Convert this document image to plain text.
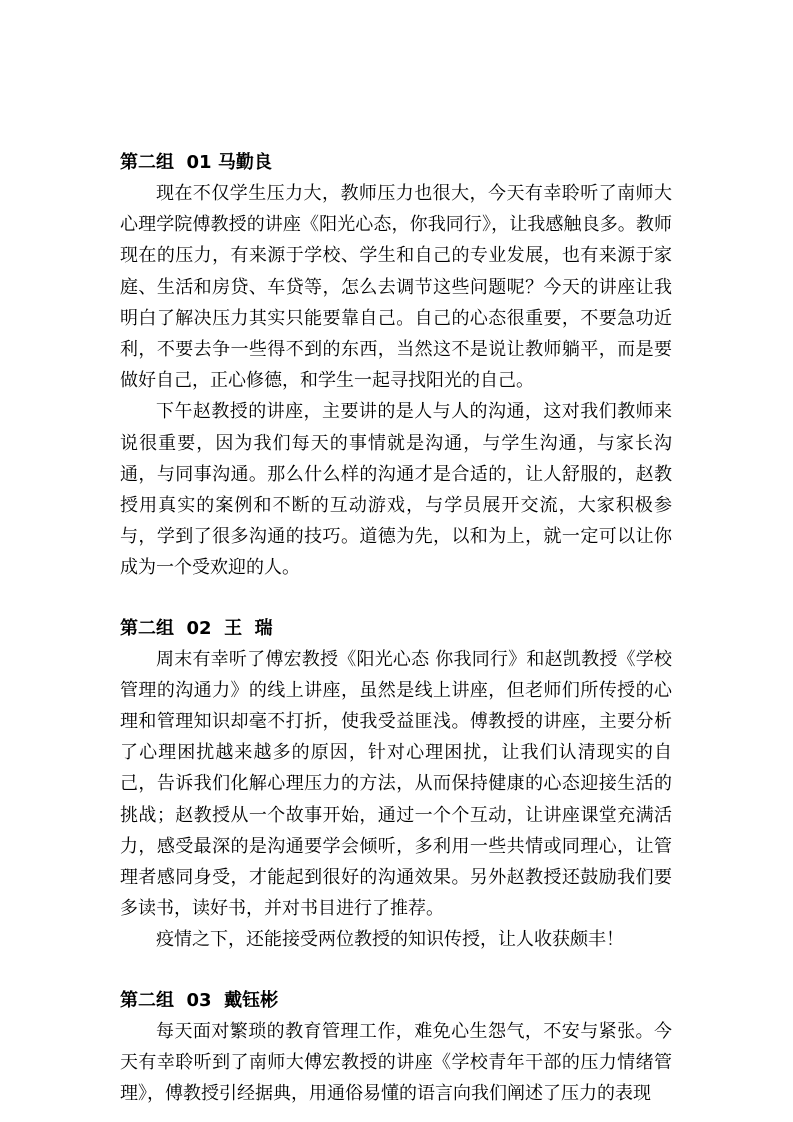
第二组  01 马勤良

现在不仅学生压力大，教师压力也很大，今天有幸聆听了南师大心理学院傅教授的讲座《阳光心态，你我同行》，让我感触良多。教师现在的压力，有来源于学校、学生和自己的专业发展，也有来源于家庭、生活和房贷、车贷等，怎么去调节这些问题呢？今天的讲座让我明白了解决压力其实只能要靠自己。自己的心态很重要，不要急功近利，不要去争一些得不到的东西，当然这不是说让教师躺平，而是要做好自己，正心修德，和学生一起寻找阳光的自己。

下午赵教授的讲座，主要讲的是人与人的沟通，这对我们教师来说很重要，因为我们每天的事情就是沟通，与学生沟通，与家长沟通，与同事沟通。那么什么样的沟通才是合适的，让人舒服的，赵教授用真实的案例和不断的互动游戏，与学员展开交流，大家积极参与，学到了很多沟通的技巧。道德为先，以和为上，就一定可以让你成为一个受欢迎的人。

第二组  02  王  瑞

周末有幸听了傅宏教授《阳光心态 你我同行》和赵凯教授《学校管理的沟通力》的线上讲座，虽然是线上讲座，但老师们所传授的心理和管理知识却毫不打折，使我受益匪浅。傅教授的讲座，主要分析了心理困扰越来越多的原因，针对心理困扰，让我们认清现实的自己，告诉我们化解心理压力的方法，从而保持健康的心态迎接生活的挑战；赵教授从一个故事开始，通过一个个互动，让讲座课堂充满活力，感受最深的是沟通要学会倾听，多利用一些共情或同理心，让管理者感同身受，才能起到很好的沟通效果。另外赵教授还鼓励我们要多读书，读好书，并对书目进行了推荐。

疫情之下，还能接受两位教授的知识传授，让人收获颇丰！

第二组  03  戴钰彬

每天面对繁琐的教育管理工作，难免心生怨气，不安与紧张。今天有幸聆听到了南师大傅宏教授的讲座《学校青年干部的压力情绪管理》，傅教授引经据典，用通俗易懂的语言向我们阐述了压力的表现
